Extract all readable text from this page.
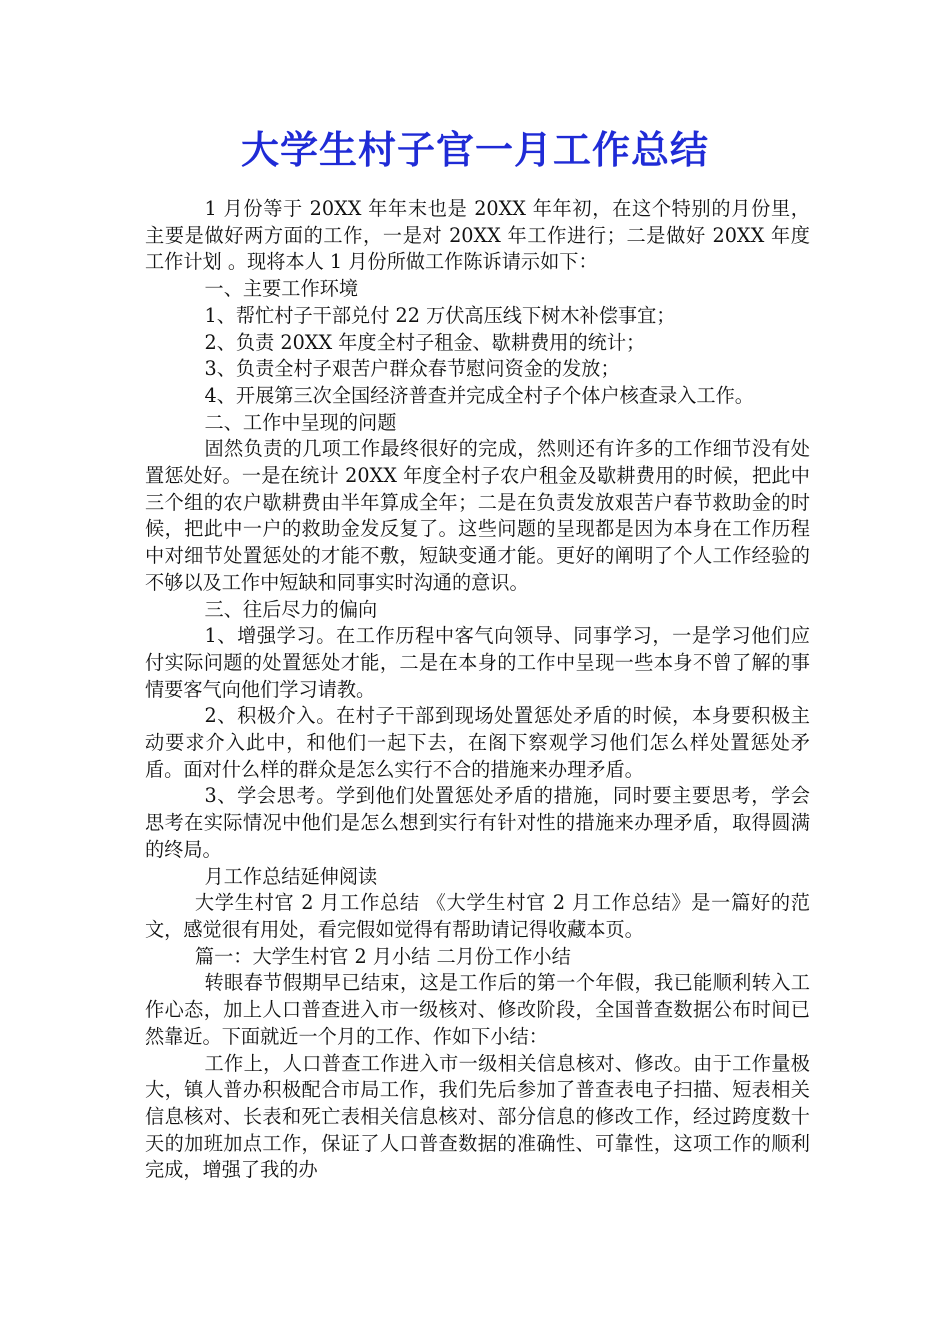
大学生村子官一月工作总结

1 月份等于 20XX 年年末也是 20XX 年年初，在这个特别的月份里，主要是做好两方面的工作，一是对 20XX 年工作进行；二是做好 20XX 年度工作计划 。现将本人 1 月份所做工作陈诉请示如下：

一、主要工作环境

1、帮忙村子干部兑付 22 万伏高压线下树木补偿事宜；

2、负责 20XX 年度全村子租金、歇耕费用的统计；

3、负责全村子艰苦户群众春节慰问资金的发放；

4、开展第三次全国经济普查并完成全村子个体户核查录入工作。

二、工作中呈现的问题

固然负责的几项工作最终很好的完成，然则还有许多的工作细节没有处置惩处好。一是在统计 20XX 年度全村子农户租金及歇耕费用的时候，把此中三个组的农户歇耕费由半年算成全年；二是在负责发放艰苦户春节救助金的时候，把此中一户的救助金发反复了。这些问题的呈现都是因为本身在工作历程中对细节处置惩处的才能不敷，短缺变通才能。更好的阐明了个人工作经验的不够以及工作中短缺和同事实时沟通的意识。

三、往后尽力的偏向

1、增强学习。在工作历程中客气向领导、同事学习，一是学习他们应付实际问题的处置惩处才能，二是在本身的工作中呈现一些本身不曾了解的事情要客气向他们学习请教。

2、积极介入。在村子干部到现场处置惩处矛盾的时候，本身要积极主动要求介入此中，和他们一起下去，在阁下察观学习他们怎么样处置惩处矛盾。面对什么样的群众是怎么实行不合的措施来办理矛盾。

3、学会思考。学到他们处置惩处矛盾的措施，同时要主要思考，学会思考在实际情况中他们是怎么想到实行有针对性的措施来办理矛盾，取得圆满的终局。

月工作总结延伸阅读

大学生村官 2 月工作总结 《大学生村官 2 月工作总结》是一篇好的范文，感觉很有用处，看完假如觉得有帮助请记得收藏本页。

篇一：大学生村官 2 月小结 二月份工作小结

转眼春节假期早已结束，这是工作后的第一个年假，我已能顺利转入工作心态，加上人口普查进入市一级核对、修改阶段，全国普查数据公布时间已然靠近。下面就近一个月的工作、作如下小结：

工作上，人口普查工作进入市一级相关信息核对、修改。由于工作量极大，镇人普办积极配合市局工作，我们先后参加了普查表电子扫描、短表相关信息核对、长表和死亡表相关信息核对、部分信息的修改工作，经过跨度数十天的加班加点工作，保证了人口普查数据的准确性、可靠性，这项工作的顺利完成，增强了我的办
